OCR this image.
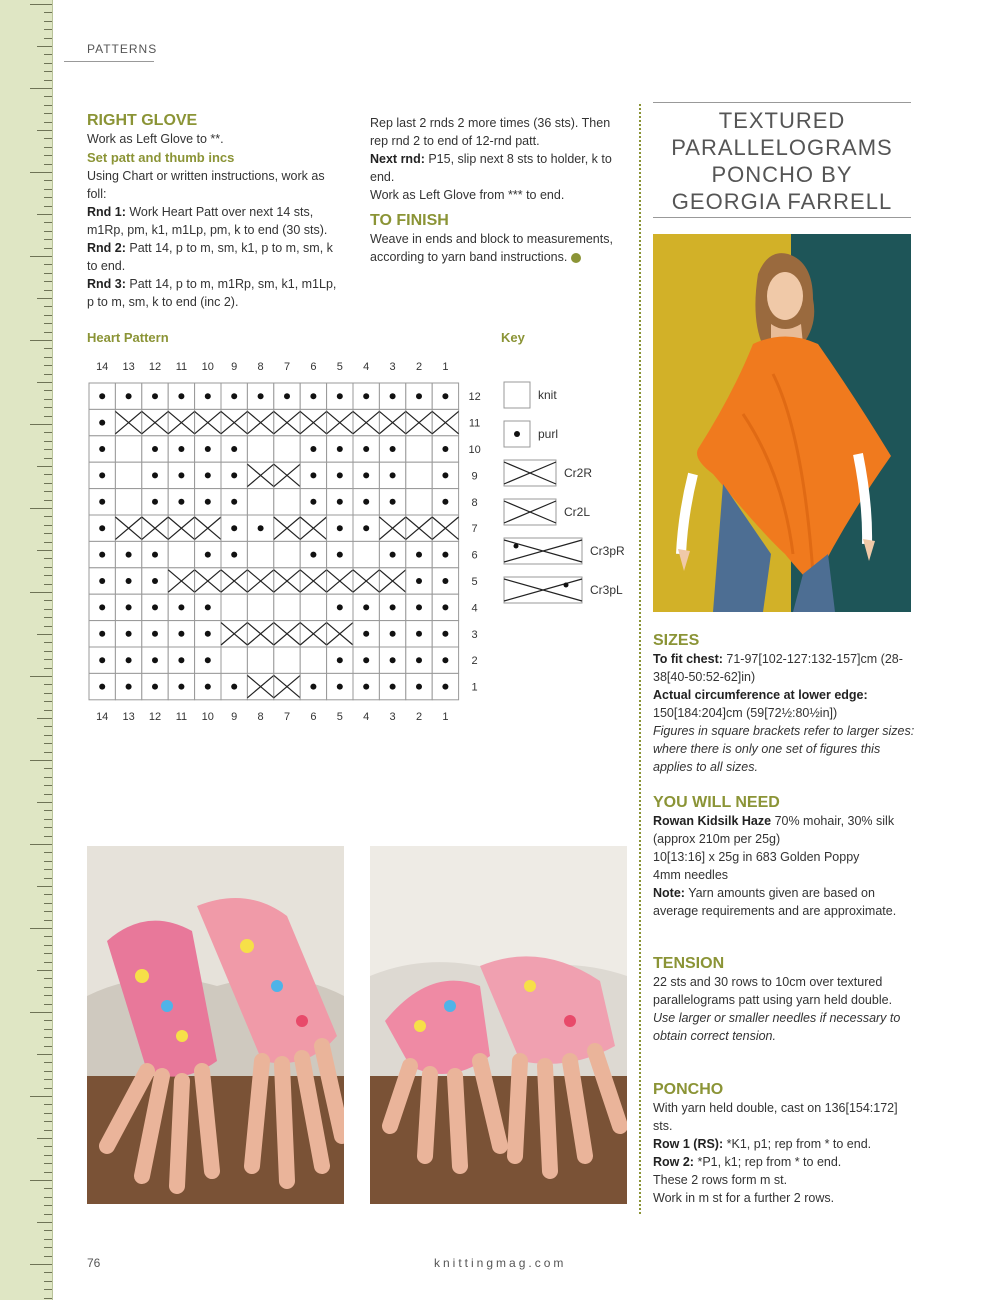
PATTERNS
RIGHT GLOVE
Work as Left Glove to **.
Set patt and thumb incs
Using Chart or written instructions, work as foll:
Rnd 1: Work Heart Patt over next 14 sts, m1Rp, pm, k1, m1Lp, pm, k to end (30 sts).
Rnd 2: Patt 14, p to m, sm, k1, p to m, sm, k to end.
Rnd 3: Patt 14, p to m, m1Rp, sm, k1, m1Lp, p to m, sm, k to end (inc 2).
Rep last 2 rnds 2 more times (36 sts). Then rep rnd 2 to end of 12-rnd patt.
Next rnd: P15, slip next 8 sts to holder, k to end.
Work as Left Glove from *** to end.
TO FINISH
Weave in ends and block to measurements, according to yarn band instructions.
Heart Pattern	Key
14
14
13
13
12
12
11
11
10
10
9
9
8
8
7
7
6
6
5
5
4
4
3
3
2
2
1
1
12
11
10
9
8
7
6
5
4
3
2
1
knit
purl
Cr2R
Cr2L
Cr3pR
Cr3pL
TEXTURED
PARALLELOGRAMS
PONCHO BY
GEORGIA FARRELL
SIZES
To fit chest: 71-97[102-127:132-157]cm (28-38[40-50:52-62]in)
Actual circumference at lower edge:
150[184:204]cm (59[72½:80½in])
Figures in square brackets refer to larger sizes: where there is only one set of figures this applies to all sizes.
YOU WILL NEED
Rowan Kidsilk Haze 70% mohair, 30% silk (approx 210m per 25g)
10[13:16] x 25g in 683 Golden Poppy
4mm needles
Note: Yarn amounts given are based on average requirements and are approximate.
TENSION
22 sts and 30 rows to 10cm over textured parallelograms patt using yarn held double.
Use larger or smaller needles if necessary to obtain correct tension.
PONCHO
With yarn held double, cast on 136[154:172] sts.
Row 1 (RS): *K1, p1; rep from * to end.
Row 2: *P1, k1; rep from * to end.
These 2 rows form m st.
Work in m st for a further 2 rows.
76	knittingmag.com
